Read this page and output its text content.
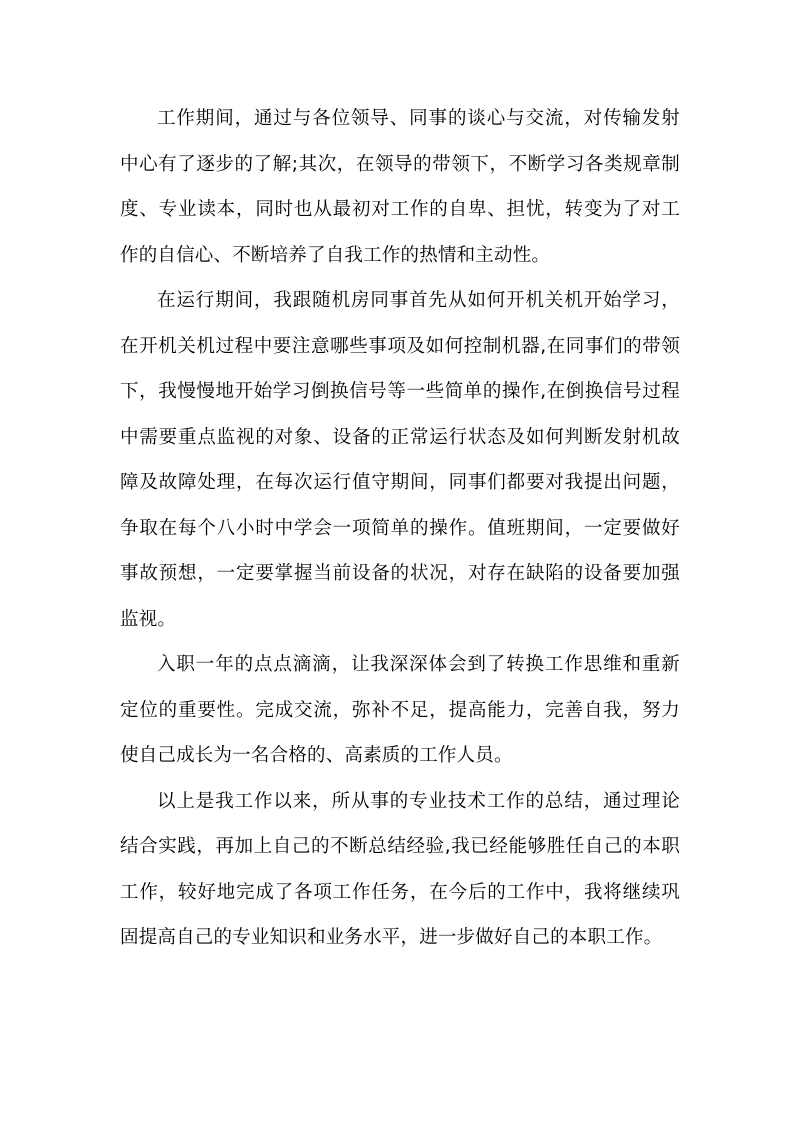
工作期间，通过与各位领导、同事的谈心与交流，对传输发射中心有了逐步的了解;其次，在领导的带领下，不断学习各类规章制度、专业读本，同时也从最初对工作的自卑、担忧，转变为了对工作的自信心、不断培养了自我工作的热情和主动性。

在运行期间，我跟随机房同事首先从如何开机关机开始学习，在开机关机过程中要注意哪些事项及如何控制机器,在同事们的带领下，我慢慢地开始学习倒换信号等一些简单的操作,在倒换信号过程中需要重点监视的对象、设备的正常运行状态及如何判断发射机故障及故障处理，在每次运行值守期间，同事们都要对我提出问题，争取在每个八小时中学会一项简单的操作。值班期间，一定要做好事故预想，一定要掌握当前设备的状况，对存在缺陷的设备要加强监视。

入职一年的点点滴滴，让我深深体会到了转换工作思维和重新定位的重要性。完成交流，弥补不足，提高能力，完善自我，努力使自己成长为一名合格的、高素质的工作人员。

以上是我工作以来，所从事的专业技术工作的总结，通过理论结合实践，再加上自己的不断总结经验,我已经能够胜任自己的本职工作，较好地完成了各项工作任务，在今后的工作中，我将继续巩固提高自己的专业知识和业务水平，进一步做好自己的本职工作。
